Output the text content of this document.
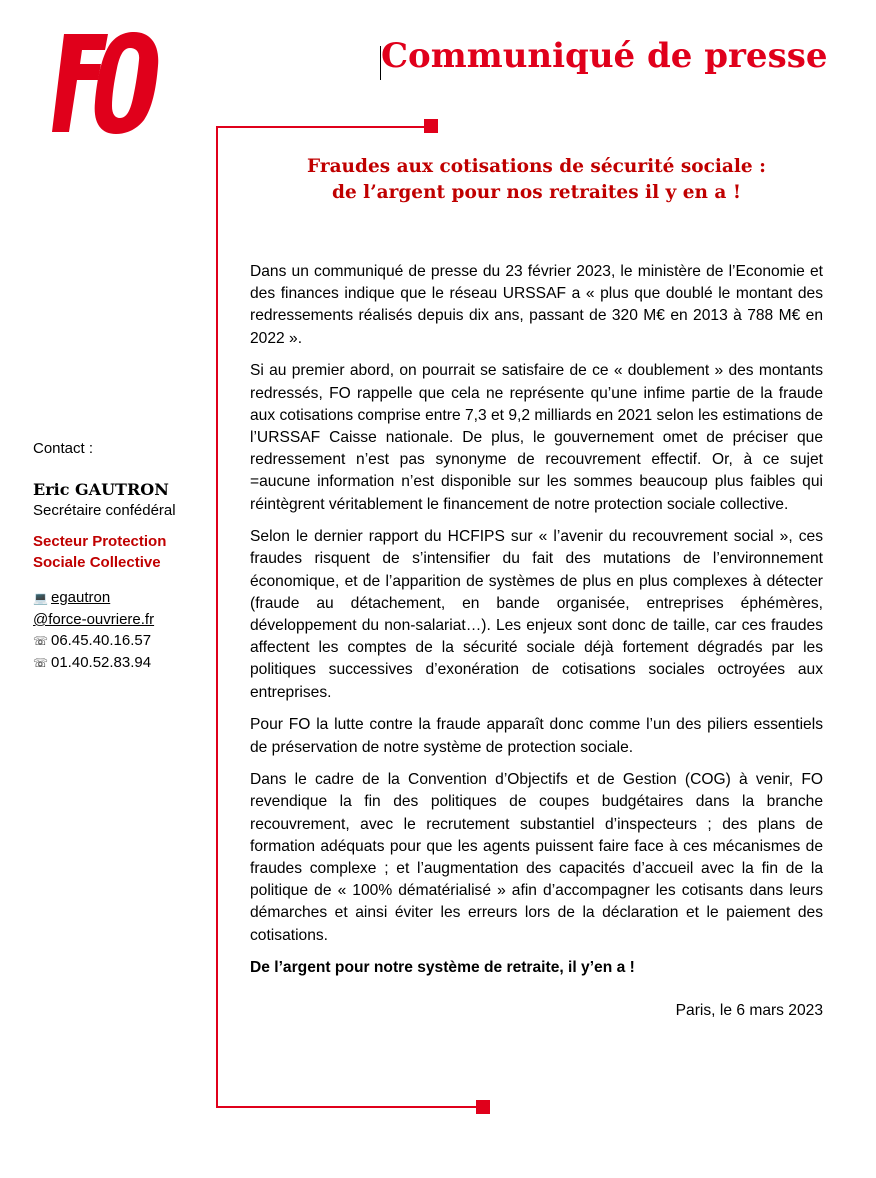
Communiqué de presse
Fraudes aux cotisations de sécurité sociale :
de l’argent pour nos retraites il y en a !
Contact :
Eric GAUTRON
Secrétaire confédéral
Secteur Protection
Sociale Collective
💻 egautron
@force-ouvriere.fr
☏ 06.45.40.16.57
☏ 01.40.52.83.94

Dans un communiqué de presse du 23 février 2023, le ministère de l’Economie et des finances indique que le réseau URSSAF a « plus que doublé le montant des redressements réalisés depuis dix ans, passant de 320 M€ en 2013 à 788 M€ en 2022 ».

Si au premier abord, on pourrait se satisfaire de ce « doublement » des montants redressés, FO rappelle que cela ne représente qu’une infime partie de la fraude aux cotisations comprise entre 7,3 et 9,2 milliards en 2021 selon les estimations de l’URSSAF Caisse nationale. De plus, le gouvernement omet de préciser que redressement n’est pas synonyme de recouvrement effectif. Or, à ce sujet =aucune information n’est disponible sur les sommes beaucoup plus faibles qui réintègrent véritablement le financement de notre protection sociale collective.

Selon le dernier rapport du HCFIPS sur « l’avenir du recouvrement social », ces fraudes risquent de s’intensifier du fait des mutations de l’environnement économique, et de l’apparition de systèmes de plus en plus complexes à détecter (fraude au détachement, en bande organisée, entreprises éphémères, développement du non-salariat…). Les enjeux sont donc de taille, car ces fraudes affectent les comptes de la sécurité sociale déjà fortement dégradés par les politiques successives d’exonération de cotisations sociales octroyées aux entreprises.

Pour FO la lutte contre la fraude apparaît donc comme l’un des piliers essentiels de préservation de notre système de protection sociale.

Dans le cadre de la Convention d’Objectifs et de Gestion (COG) à venir, FO revendique la fin des politiques de coupes budgétaires dans la branche recouvrement, avec le recrutement substantiel d’inspecteurs ; des plans de formation adéquats pour que les agents puissent faire face à ces mécanismes de fraudes complexe ; et l’augmentation des capacités d’accueil avec la fin de la politique de « 100% dématérialisé » afin d’accompagner les cotisants dans leurs démarches et ainsi éviter les erreurs lors de la déclaration et le paiement des cotisations.

De l’argent pour notre système de retraite, il y’en a !

Paris, le 6 mars 2023
